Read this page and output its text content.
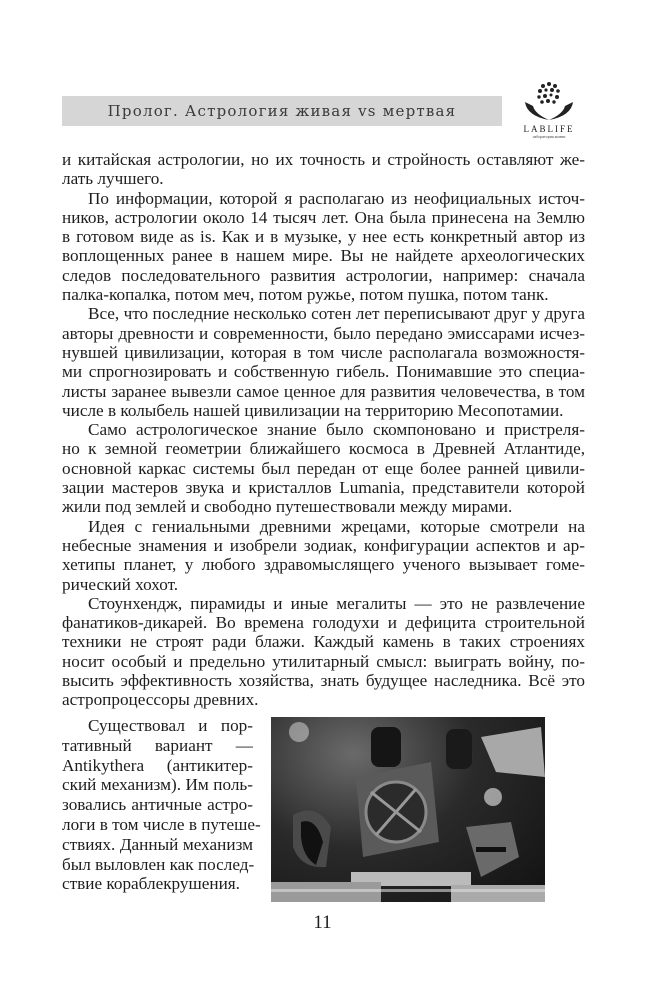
Пролог. Астрология живая vs мертвая
LABLIFE
лаборатория жизни
и китайская астрологии, но их точность и стройность оставляют же-
лать лучшего.
По информации, которой я располагаю из неофициальных источ-
ников, астрологии около 14 тысяч лет. Она была принесена на Землю
в готовом виде as is. Как и в музыке, у нее есть конкретный автор из
воплощенных ранее в нашем мире. Вы не найдете археологических
следов последовательного развития астрологии, например: сначала
палка-копалка, потом меч, потом ружье, потом пушка, потом танк.
Все, что последние несколько сотен лет переписывают друг у друга
авторы древности и современности, было передано эмиссарами исчез-
нувшей цивилизации, которая в том числе располагала возможностя-
ми спрогнозировать и собственную гибель. Понимавшие это специа-
листы заранее вывезли самое ценное для развития человечества, в том
числе в колыбель нашей цивилизации на территорию Месопотамии.
Само астрологическое знание было скомпоновано и пристреля-
но к земной геометрии ближайшего космоса в Древней Атлантиде,
основной каркас системы был передан от еще более ранней цивили-
зации мастеров звука и кристаллов Lumania, представители которой
жили под землей и свободно путешествовали между мирами.
Идея с гениальными древними жрецами, которые смотрели на
небесные знамения и изобрели зодиак, конфигурации аспектов и ар-
хетипы планет, у любого здравомыслящего ученого вызывает гоме-
рический хохот.
Стоунхендж, пирамиды и иные мегалиты — это не развлечение
фанатиков-дикарей. Во времена голодухи и дефицита строительной
техники не строят ради блажи. Каждый камень в таких строениях
носит особый и предельно утилитарный смысл: выиграть войну, по-
высить эффективность хозяйства, знать будущее наследника. Всё это
астропроцессоры древних.
Существовал и пор-
тативный вариант —
Antikythera (антикитер-
ский механизм). Им поль-
зовались античные астро-
логи в том числе в путеше-
ствиях. Данный механизм
был выловлен как послед-
ствие кораблекрушения.
11
